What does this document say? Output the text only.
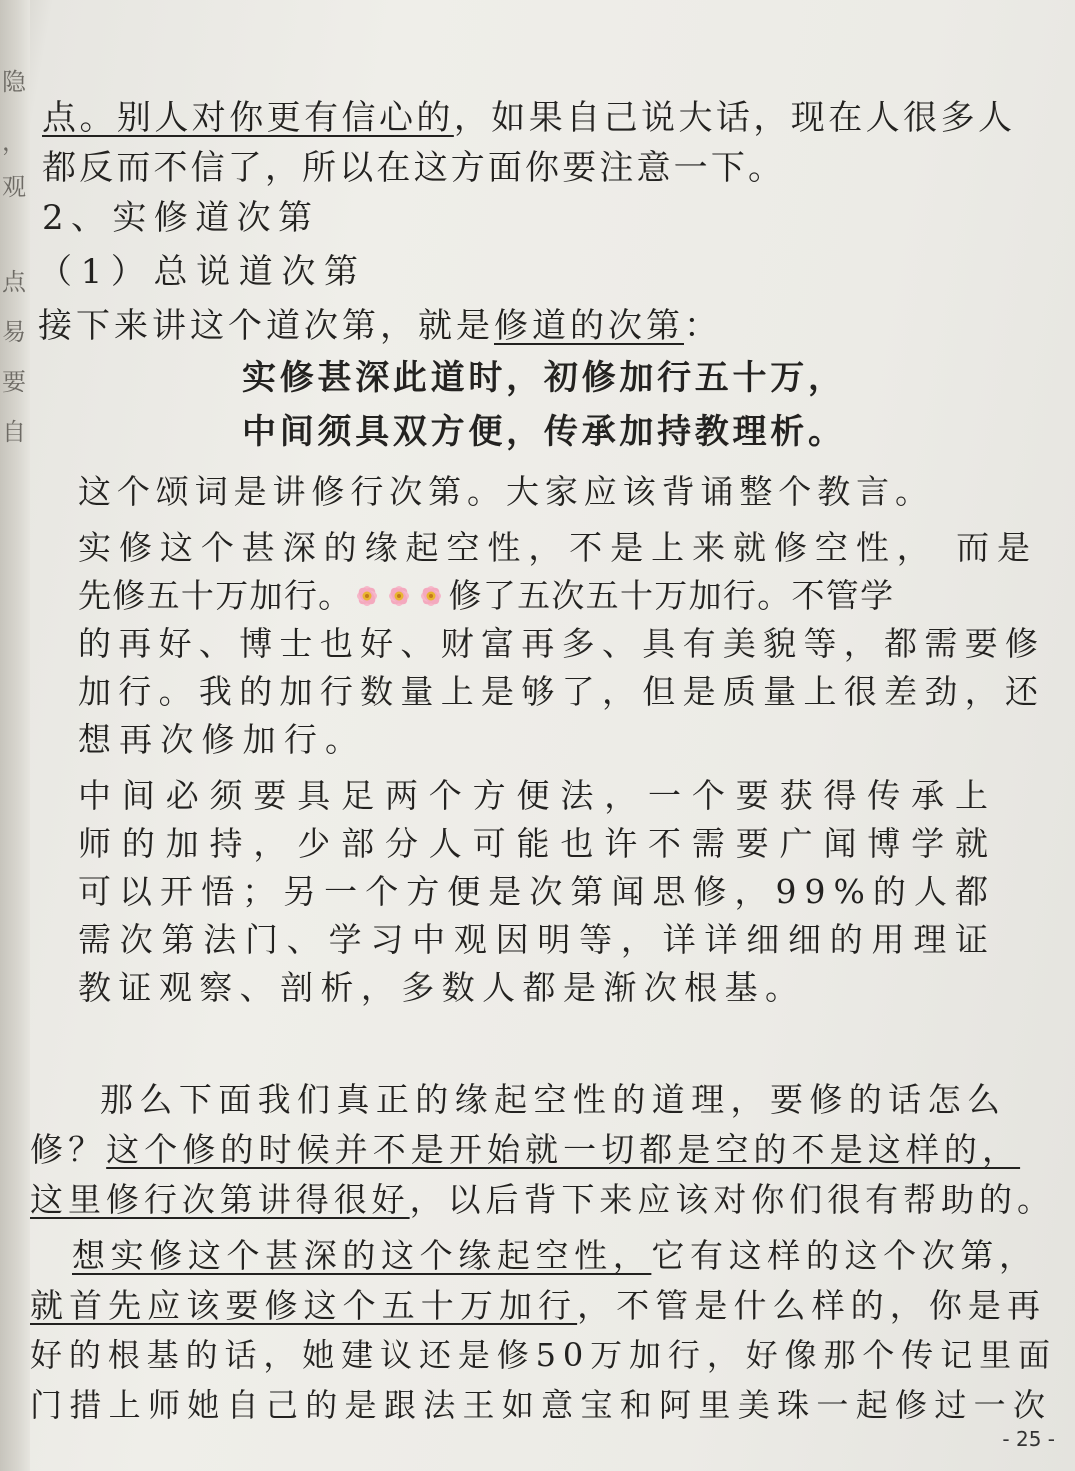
隐
，
观
点
易
要
自
点。别人对你更有信心的，如果自己说大话，现在人很多人
都反而不信了，所以在这方面你要注意一下。
2、实修道次第
（1）总说道次第
接下来讲这个道次第，就是修道的次第：
实修甚深此道时，初修加行五十万，
中间须具双方便，传承加持教理析。
这个颂词是讲修行次第。大家应该背诵整个教言。
实修这个甚深的缘起空性，不是上来就修空性， 而是
先修五十万加行。	修了五次五十万加行。不管学
的再好、博士也好、财富再多、具有美貌等，都需要修
加行。我的加行数量上是够了，但是质量上很差劲，还
想再次修加行。
中间必须要具足两个方便法，一个要获得传承上
师的加持，少部分人可能也许不需要广闻博学就
可以开悟；另一个方便是次第闻思修，99%的人都
需次第法门、学习中观因明等，详详细细的用理证
教证观察、剖析，多数人都是渐次根基。
那么下面我们真正的缘起空性的道理，要修的话怎么
修？这个修的时候并不是开始就一切都是空的不是这样的，
这里修行次第讲得很好，以后背下来应该对你们很有帮助的。
想实修这个甚深的这个缘起空性，它有这样的这个次第，
就首先应该要修这个五十万加行，不管是什么样的，你是再
好的根基的话，她建议还是修50万加行，好像那个传记里面
门措上师她自己的是跟法王如意宝和阿里美珠一起修过一次
- 25 -
